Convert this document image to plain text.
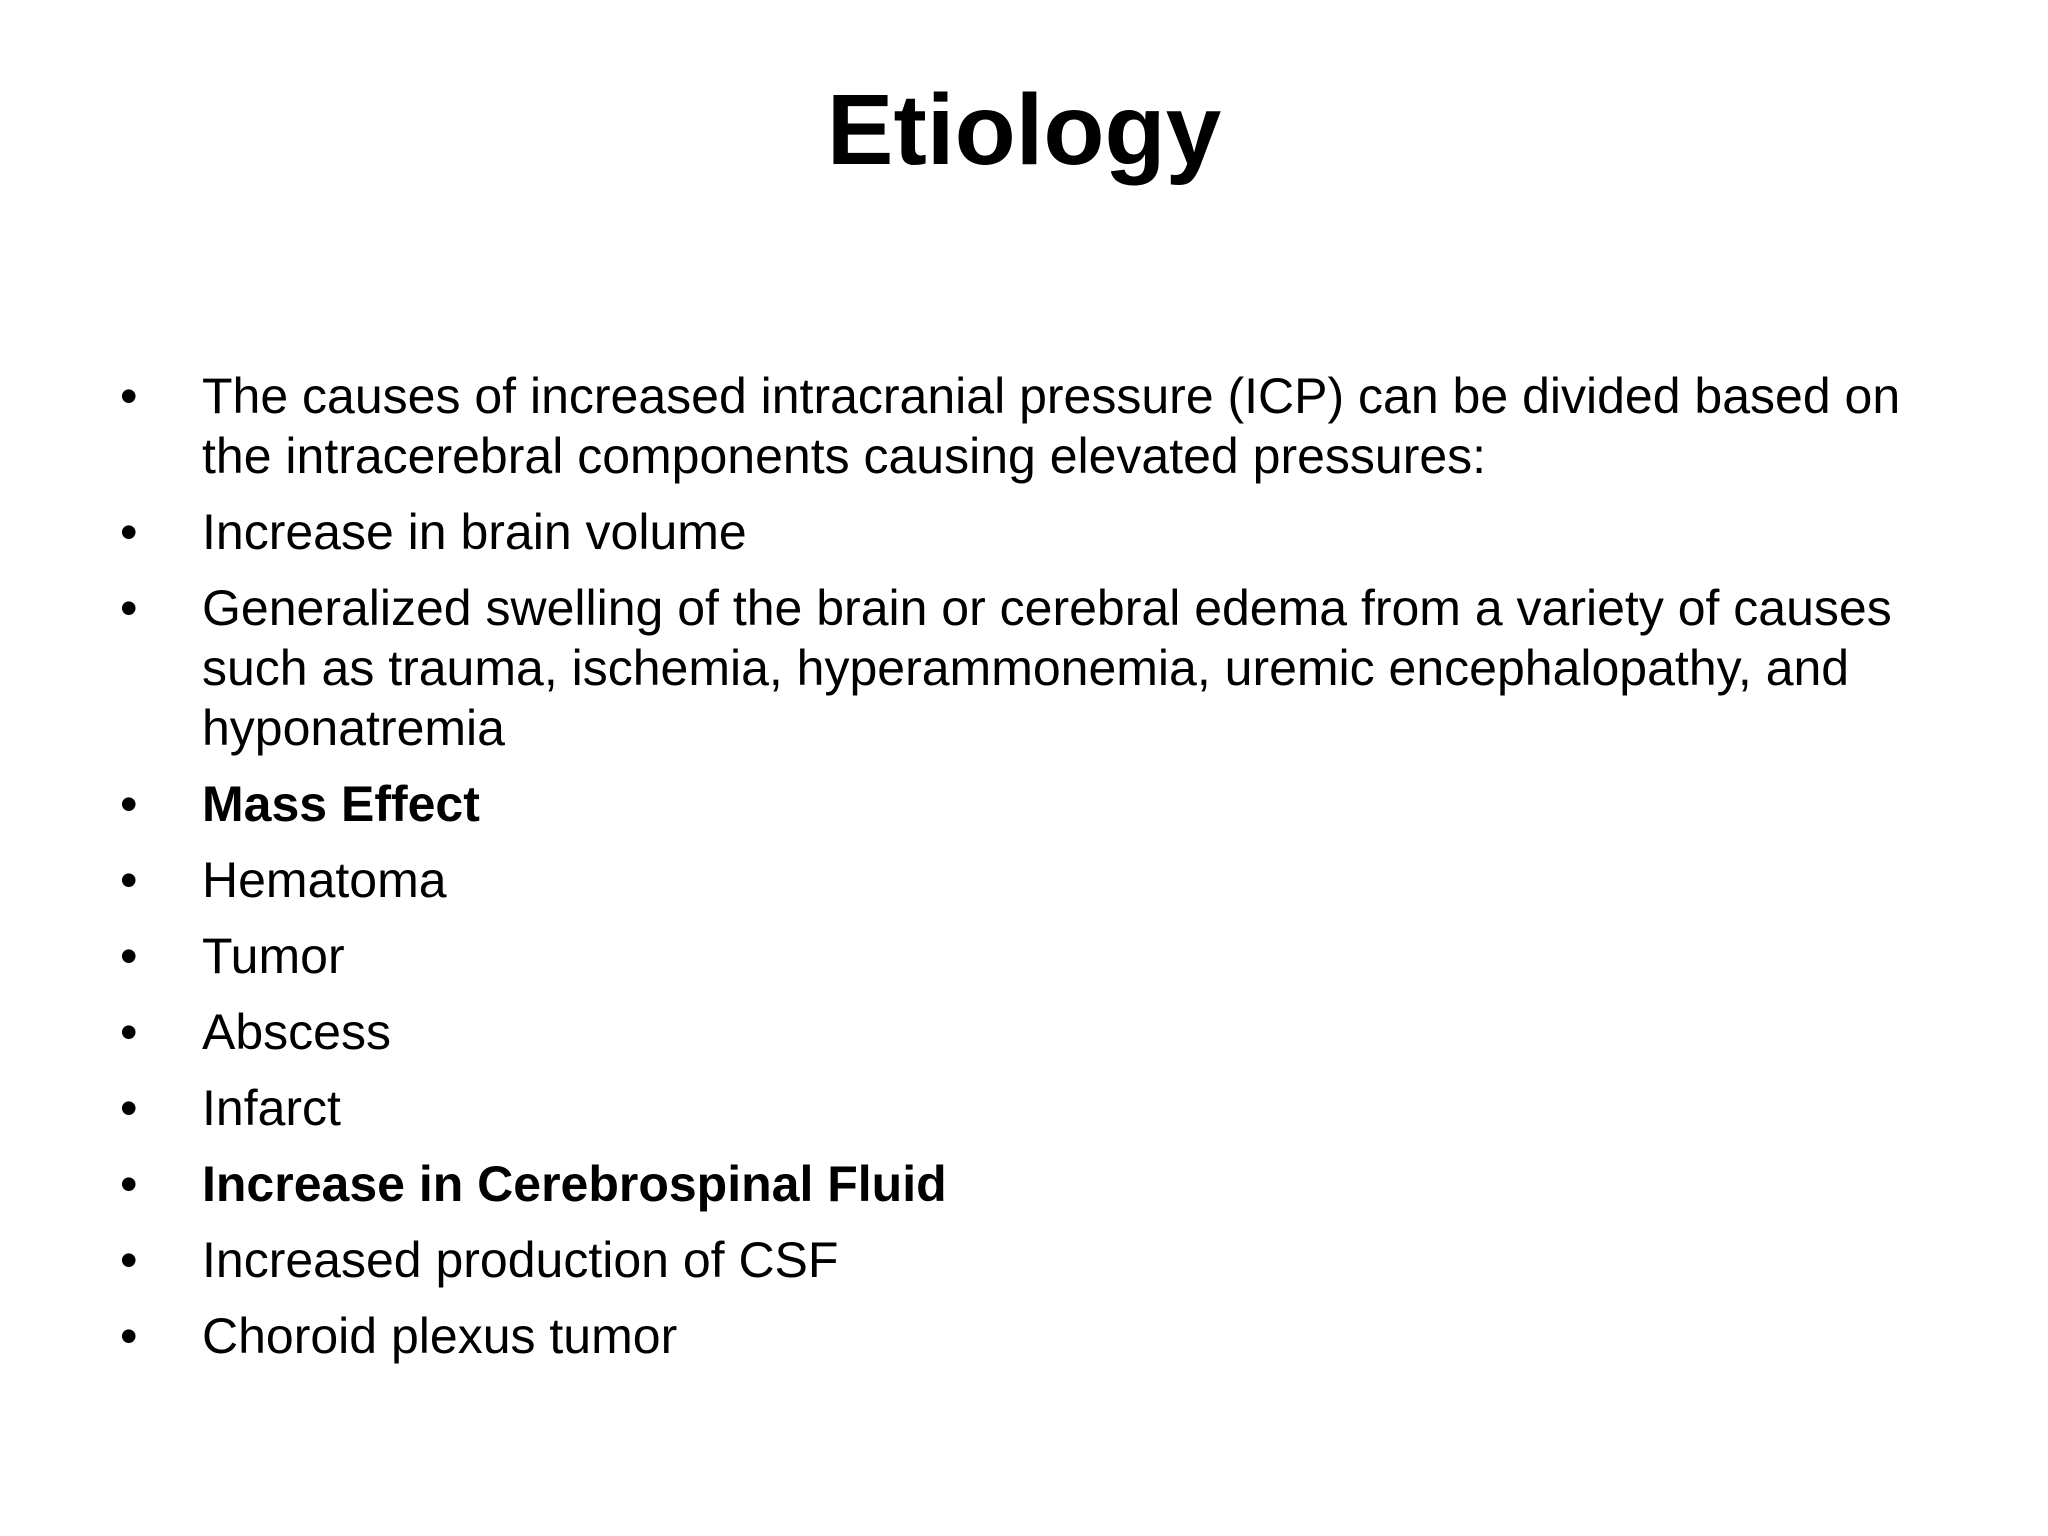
Etiology
•	The causes of increased intracranial pressure (ICP) can be divided based on the intracerebral components causing elevated pressures:
•	Increase in brain volume
•	Generalized swelling of the brain or cerebral edema from a variety of causes such as trauma, ischemia, hyperammonemia, uremic encephalopathy, and hyponatremia
•	Mass Effect
•	Hematoma
•	Tumor
•	Abscess
•	Infarct
•	Increase in Cerebrospinal Fluid
•	Increased production of CSF
•	Choroid plexus tumor
